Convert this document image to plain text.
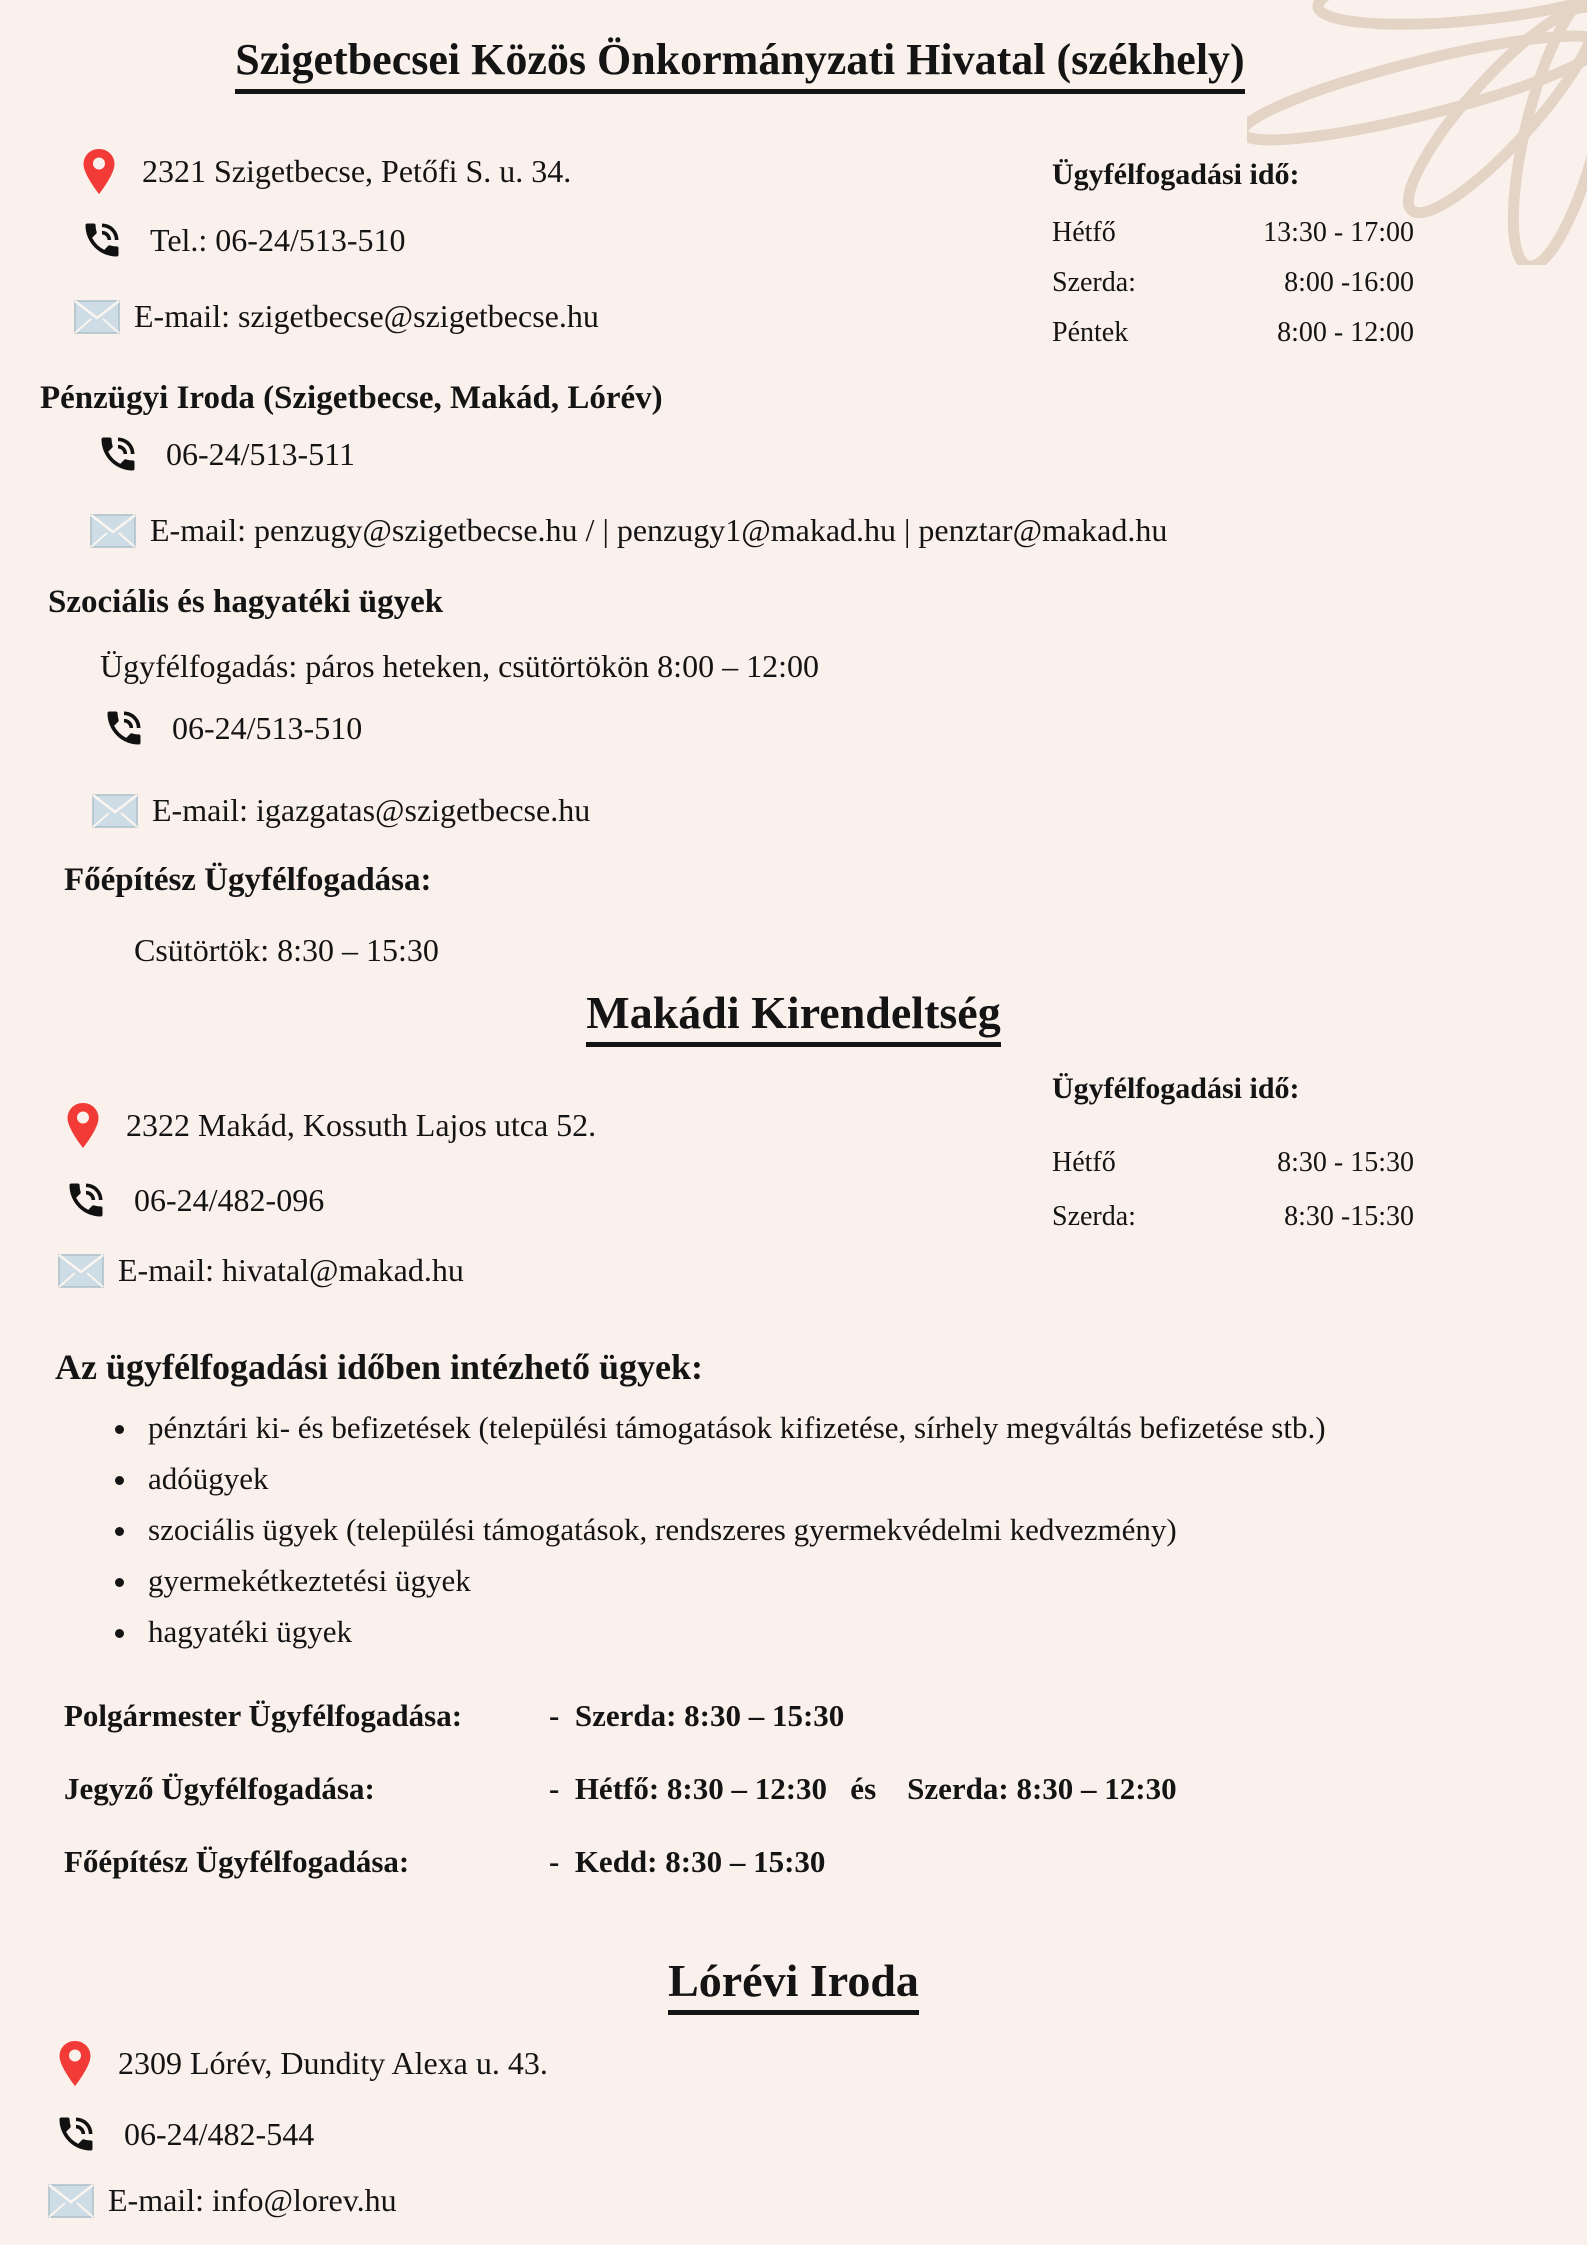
Szigetbecsei Közös Önkormányzati Hivatal (székhely)
2321 Szigetbecse, Petőfi S. u. 34.
Tel.: 06-24/513-510
E-mail: szigetbecse@szigetbecse.hu
Ügyfélfogadási idő:
Hétfő	13:30 - 17:00
Szerda:	8:00 -16:00
Péntek	8:00 - 12:00
Pénzügyi Iroda (Szigetbecse, Makád, Lórév)
06-24/513-511
E-mail: penzugy@szigetbecse.hu / | penzugy1@makad.hu | penztar@makad.hu
Szociális és hagyatéki ügyek
Ügyfélfogadás: páros heteken, csütörtökön 8:00 – 12:00
06-24/513-510
E-mail: igazgatas@szigetbecse.hu
Főépítész Ügyfélfogadása:
Csütörtök: 8:30 – 15:30
Makádi Kirendeltség
2322 Makád, Kossuth Lajos utca 52.
06-24/482-096
E-mail: hivatal@makad.hu
Ügyfélfogadási idő:
Hétfő	8:30 - 15:30
Szerda:	8:30 -15:30
Az ügyfélfogadási időben intézhető ügyek:
• pénztári ki- és befizetések (települési támogatások kifizetése, sírhely megváltás befizetése stb.)
• adóügyek
• szociális ügyek (települési támogatások, rendszeres gyermekvédelmi kedvezmény)
• gyermekétkeztetési ügyek
• hagyatéki ügyek
Polgármester Ügyfélfogadása:	-  Szerda: 8:30 – 15:30
Jegyző Ügyfélfogadása:	-  Hétfő: 8:30 – 12:30   és    Szerda: 8:30 – 12:30
Főépítész Ügyfélfogadása:	-  Kedd: 8:30 – 15:30
Lórévi Iroda
2309 Lórév, Dundity Alexa u. 43.
06-24/482-544
E-mail: info@lorev.hu
